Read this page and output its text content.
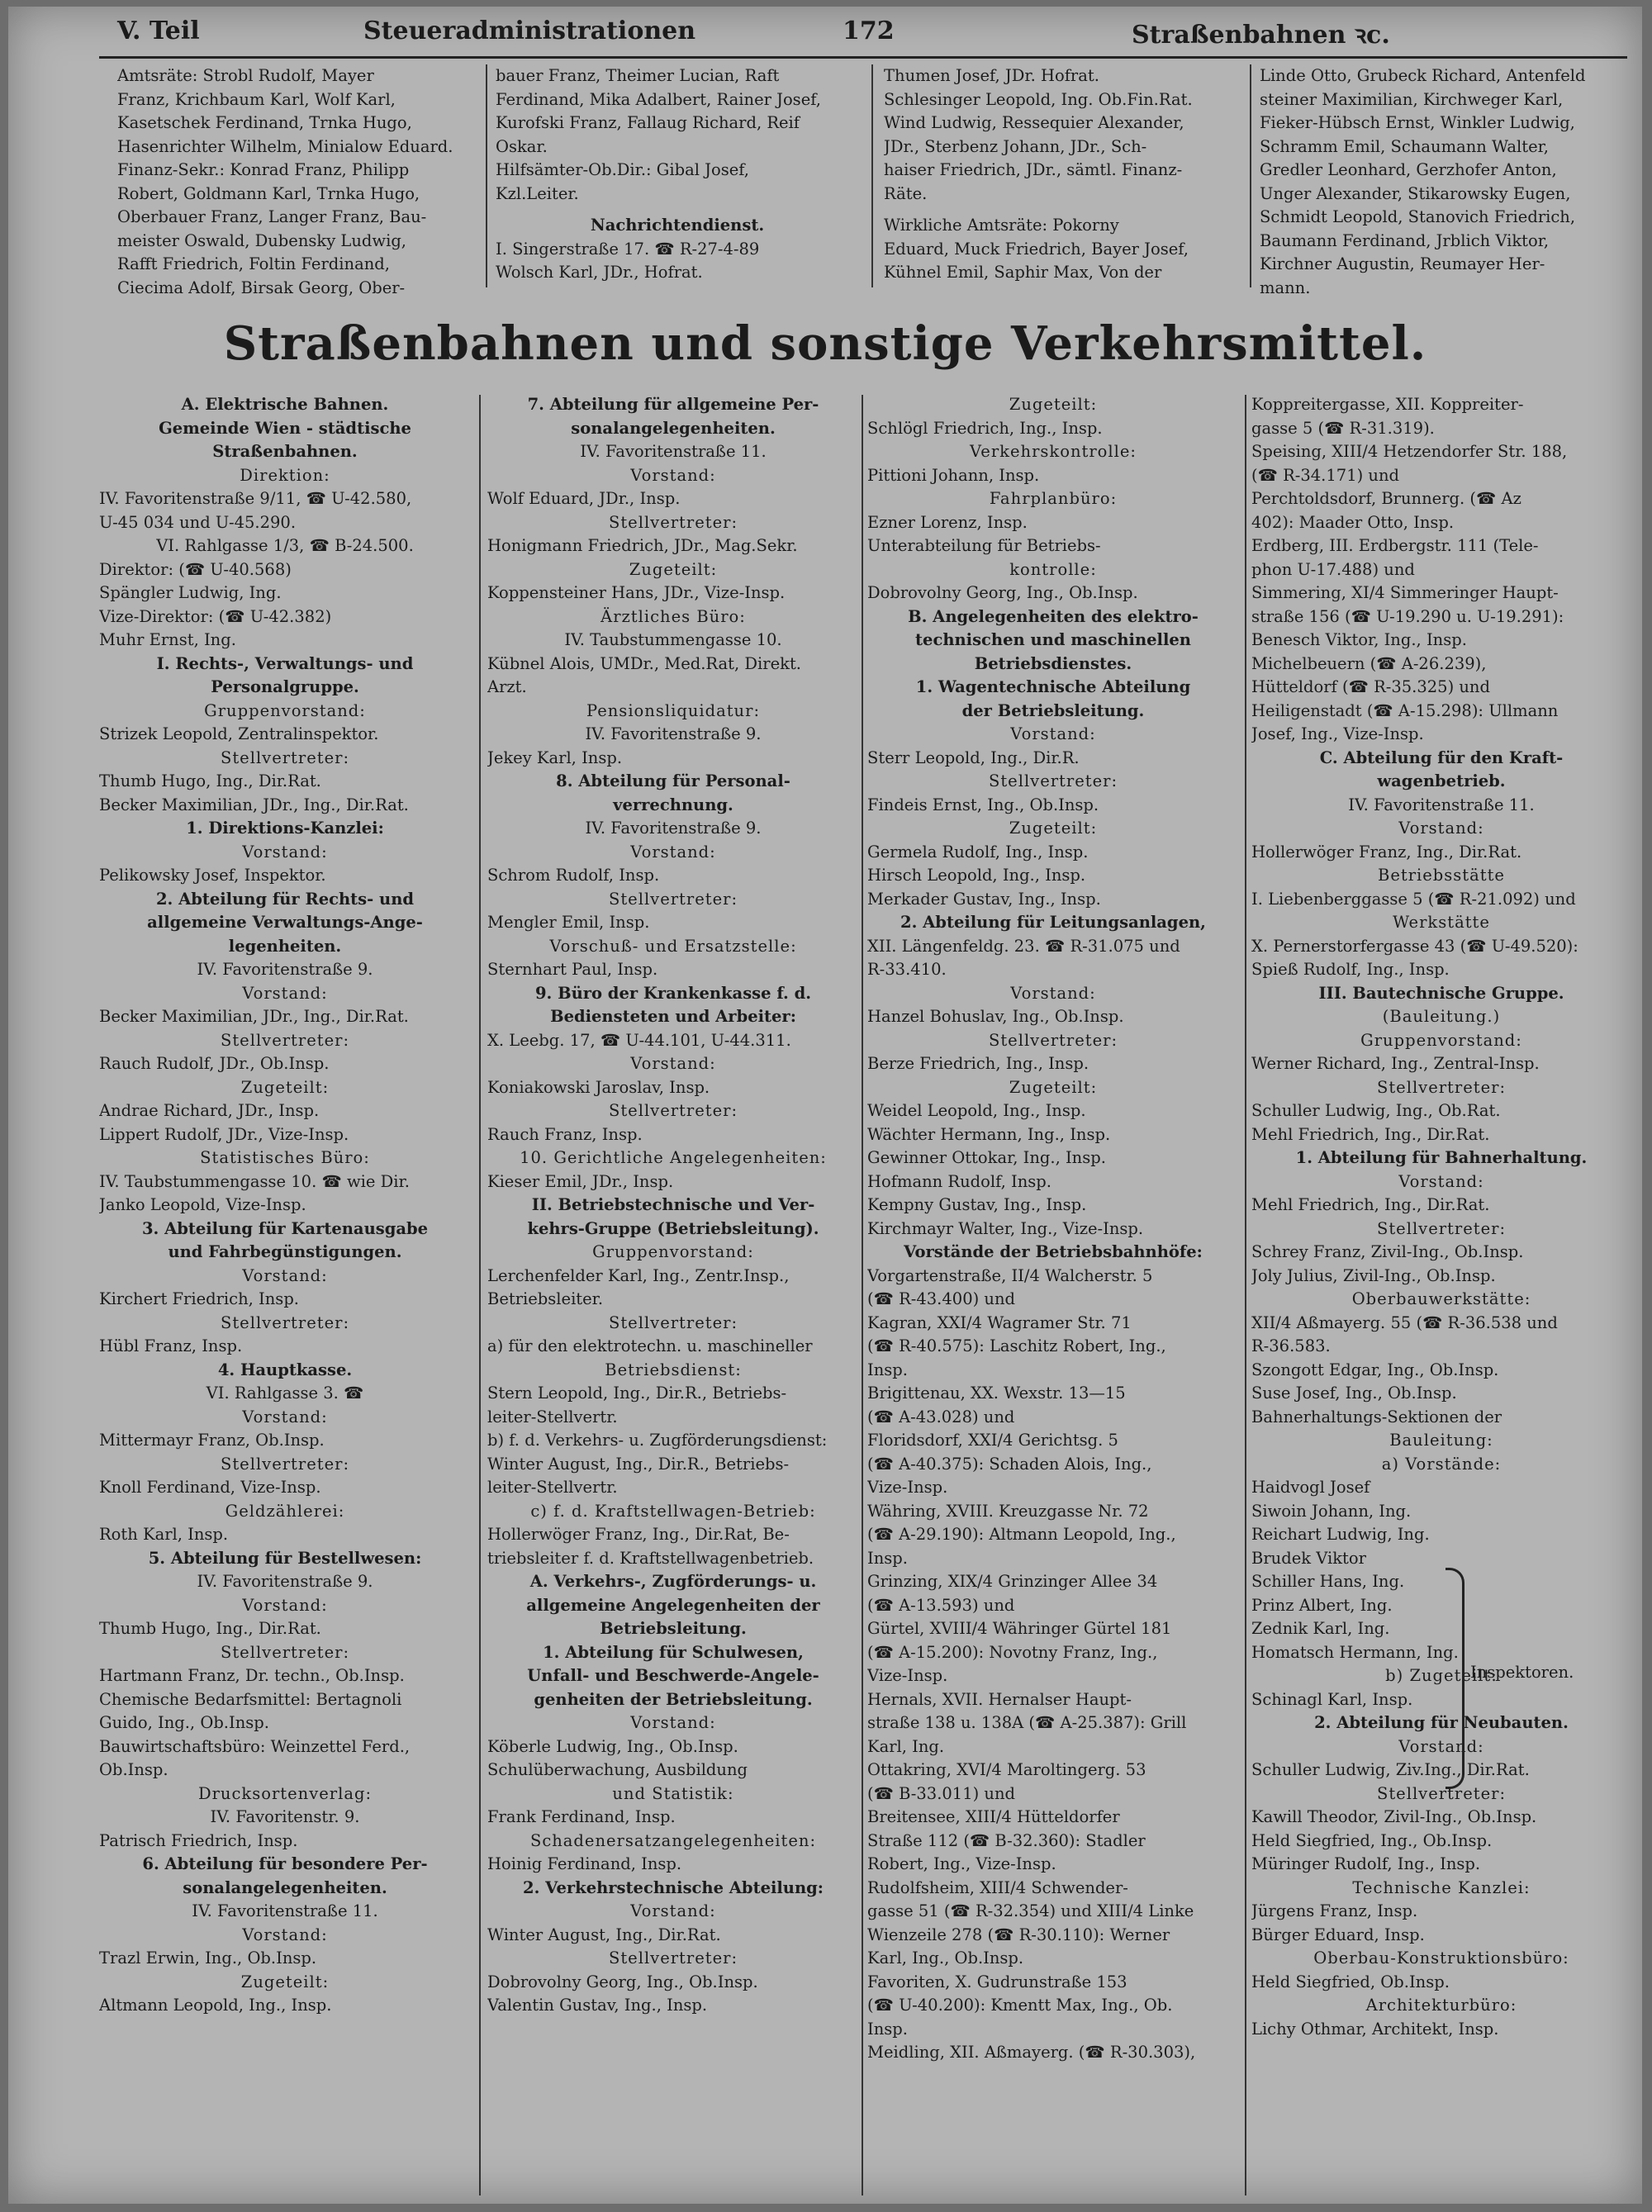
V. Teil	Steueradministrationen	172	Straßenbahnen ꝛc.
Amtsräte: Strobl Rudolf, Mayer
Franz, Krichbaum Karl, Wolf Karl,
Kasetschek Ferdinand, Trnka Hugo,
Hasenrichter Wilhelm, Minialow Eduard.
Finanz-Sekr.: Konrad Franz, Philipp
Robert, Goldmann Karl, Trnka Hugo,
Oberbauer Franz, Langer Franz, Bau-
meister Oswald, Dubensky Ludwig,
Rafft Friedrich, Foltin Ferdinand,
Ciecima Adolf, Birsak Georg, Ober-
bauer Franz, Theimer Lucian, Raft
Ferdinand, Mika Adalbert, Rainer Josef,
Kurofski Franz, Fallaug Richard, Reif
Oskar.
Hilfsämter-Ob.Dir.: Gibal Josef,
Kzl.Leiter.
Nachrichtendienst.
I. Singerstraße 17. ☎ R-27-4-89
Wolsch Karl, JDr., Hofrat.
Thumen Josef, JDr. Hofrat.
Schlesinger Leopold, Ing. Ob.Fin.Rat.
Wind Ludwig, Ressequier Alexander,
JDr., Sterbenz Johann, JDr., Sch-
haiser Friedrich, JDr., sämtl. Finanz-
Räte.
Wirkliche Amtsräte: Pokorny
Eduard, Muck Friedrich, Bayer Josef,
Kühnel Emil, Saphir Max, Von der
Linde Otto, Grubeck Richard, Antenfeld
steiner Maximilian, Kirchweger Karl,
Fieker-Hübsch Ernst, Winkler Ludwig,
Schramm Emil, Schaumann Walter,
Gredler Leonhard, Gerzhofer Anton,
Unger Alexander, Stikarowsky Eugen,
Schmidt Leopold, Stanovich Friedrich,
Baumann Ferdinand, Jrblich Viktor,
Kirchner Augustin, Reumayer Her-
mann.
Straßenbahnen und sonstige Verkehrsmittel.
A. Elektrische Bahnen.
Gemeinde Wien - städtische
Straßenbahnen.
Direktion:
IV. Favoritenstraße 9/11, ☎ U-42.580,
U-45 034 und U-45.290.
VI. Rahlgasse 1/3, ☎ B-24.500.
Direktor: (☎ U-40.568)
Spängler Ludwig, Ing.
Vize-Direktor: (☎ U-42.382)
Muhr Ernst, Ing.
I. Rechts-, Verwaltungs- und
Personalgruppe.
Gruppenvorstand:
Strizek Leopold, Zentralinspektor.
Stellvertreter:
Thumb Hugo, Ing., Dir.Rat.
Becker Maximilian, JDr., Ing., Dir.Rat.
1. Direktions-Kanzlei:
Vorstand:
Pelikowsky Josef, Inspektor.
2. Abteilung für Rechts- und
allgemeine Verwaltungs-Ange-
legenheiten.
IV. Favoritenstraße 9.
Vorstand:
Becker Maximilian, JDr., Ing., Dir.Rat.
Stellvertreter:
Rauch Rudolf, JDr., Ob.Insp.
Zugeteilt:
Andrae Richard, JDr., Insp.
Lippert Rudolf, JDr., Vize-Insp.
Statistisches Büro:
IV. Taubstummengasse 10. ☎ wie Dir.
Janko Leopold, Vize-Insp.
3. Abteilung für Kartenausgabe
und Fahrbegünstigungen.
Vorstand:
Kirchert Friedrich, Insp.
Stellvertreter:
Hübl Franz, Insp.
4. Hauptkasse.
VI. Rahlgasse 3. ☎
Vorstand:
Mittermayr Franz, Ob.Insp.
Stellvertreter:
Knoll Ferdinand, Vize-Insp.
Geldzählerei:
Roth Karl, Insp.
5. Abteilung für Bestellwesen:
IV. Favoritenstraße 9.
Vorstand:
Thumb Hugo, Ing., Dir.Rat.
Stellvertreter:
Hartmann Franz, Dr. techn., Ob.Insp.
Chemische Bedarfsmittel: Bertagnoli
Guido, Ing., Ob.Insp.
Bauwirtschaftsbüro: Weinzettel Ferd.,
Ob.Insp.
Drucksortenverlag:
IV. Favoritenstr. 9.
Patrisch Friedrich, Insp.
6. Abteilung für besondere Per-
sonalangelegenheiten.
IV. Favoritenstraße 11.
Vorstand:
Trazl Erwin, Ing., Ob.Insp.
Zugeteilt:
Altmann Leopold, Ing., Insp.
7. Abteilung für allgemeine Per-
sonalangelegenheiten.
IV. Favoritenstraße 11.
Vorstand:
Wolf Eduard, JDr., Insp.
Stellvertreter:
Honigmann Friedrich, JDr., Mag.Sekr.
Zugeteilt:
Koppensteiner Hans, JDr., Vize-Insp.
Ärztliches Büro:
IV. Taubstummengasse 10.
Kübnel Alois, UMDr., Med.Rat, Direkt.
Arzt.
Pensionsliquidatur:
IV. Favoritenstraße 9.
Jekey Karl, Insp.
8. Abteilung für Personal-
verrechnung.
IV. Favoritenstraße 9.
Vorstand:
Schrom Rudolf, Insp.
Stellvertreter:
Mengler Emil, Insp.
Vorschuß- und Ersatzstelle:
Sternhart Paul, Insp.
9. Büro der Krankenkasse f. d.
Bediensteten und Arbeiter:
X. Leebg. 17, ☎ U-44.101, U-44.311.
Vorstand:
Koniakowski Jaroslav, Insp.
Stellvertreter:
Rauch Franz, Insp.
10. Gerichtliche Angelegenheiten:
Kieser Emil, JDr., Insp.
II. Betriebstechnische und Ver-
kehrs-Gruppe (Betriebsleitung).
Gruppenvorstand:
Lerchenfelder Karl, Ing., Zentr.Insp.,
Betriebsleiter.
Stellvertreter:
a) für den elektrotechn. u. maschineller
Betriebsdienst:
Stern Leopold, Ing., Dir.R., Betriebs-
leiter-Stellvertr.
b) f. d. Verkehrs- u. Zugförderungsdienst:
Winter August, Ing., Dir.R., Betriebs-
leiter-Stellvertr.
c) f. d. Kraftstellwagen-Betrieb:
Hollerwöger Franz, Ing., Dir.Rat, Be-
triebsleiter f. d. Kraftstellwagenbetrieb.
A. Verkehrs-, Zugförderungs- u.
allgemeine Angelegenheiten der
Betriebsleitung.
1. Abteilung für Schulwesen,
Unfall- und Beschwerde-Angele-
genheiten der Betriebsleitung.
Vorstand:
Köberle Ludwig, Ing., Ob.Insp.
Schulüberwachung, Ausbildung
und Statistik:
Frank Ferdinand, Insp.
Schadenersatzangelegenheiten:
Hoinig Ferdinand, Insp.
2. Verkehrstechnische Abteilung:
Vorstand:
Winter August, Ing., Dir.Rat.
Stellvertreter:
Dobrovolny Georg, Ing., Ob.Insp.
Valentin Gustav, Ing., Insp.
Zugeteilt:
Schlögl Friedrich, Ing., Insp.
Verkehrskontrolle:
Pittioni Johann, Insp.
Fahrplanbüro:
Ezner Lorenz, Insp.
Unterabteilung für Betriebs-
kontrolle:
Dobrovolny Georg, Ing., Ob.Insp.
B. Angelegenheiten des elektro-
technischen und maschinellen
Betriebsdienstes.
1. Wagentechnische Abteilung
der Betriebsleitung.
Vorstand:
Sterr Leopold, Ing., Dir.R.
Stellvertreter:
Findeis Ernst, Ing., Ob.Insp.
Zugeteilt:
Germela Rudolf, Ing., Insp.
Hirsch Leopold, Ing., Insp.
Merkader Gustav, Ing., Insp.
2. Abteilung für Leitungsanlagen,
XII. Längenfeldg. 23. ☎ R-31.075 und
R-33.410.
Vorstand:
Hanzel Bohuslav, Ing., Ob.Insp.
Stellvertreter:
Berze Friedrich, Ing., Insp.
Zugeteilt:
Weidel Leopold, Ing., Insp.
Wächter Hermann, Ing., Insp.
Gewinner Ottokar, Ing., Insp.
Hofmann Rudolf, Insp.
Kempny Gustav, Ing., Insp.
Kirchmayr Walter, Ing., Vize-Insp.
Vorstände der Betriebsbahnhöfe:
Vorgartenstraße, II/4 Walcherstr. 5
(☎ R-43.400) und
Kagran, XXI/4 Wagramer Str. 71
(☎ R-40.575): Laschitz Robert, Ing.,
Insp.
Brigittenau, XX. Wexstr. 13—15
(☎ A-43.028) und
Floridsdorf, XXI/4 Gerichtsg. 5
(☎ A-40.375): Schaden Alois, Ing.,
Vize-Insp.
Währing, XVIII. Kreuzgasse Nr. 72
(☎ A-29.190): Altmann Leopold, Ing.,
Insp.
Grinzing, XIX/4 Grinzinger Allee 34
(☎ A-13.593) und
Gürtel, XVIII/4 Währinger Gürtel 181
(☎ A-15.200): Novotny Franz, Ing.,
Vize-Insp.
Hernals, XVII. Hernalser Haupt-
straße 138 u. 138A (☎ A-25.387): Grill
Karl, Ing.
Ottakring, XVI/4 Maroltingerg. 53
(☎ B-33.011) und
Breitensee, XIII/4 Hütteldorfer
Straße 112 (☎ B-32.360): Stadler
Robert, Ing., Vize-Insp.
Rudolfsheim, XIII/4 Schwender-
gasse 51 (☎ R-32.354) und XIII/4 Linke
Wienzeile 278 (☎ R-30.110): Werner
Karl, Ing., Ob.Insp.
Favoriten, X. Gudrunstraße 153
(☎ U-40.200): Kmentt Max, Ing., Ob.
Insp.
Meidling, XII. Aßmayerg. (☎ R-30.303),
Koppreitergasse, XII. Koppreiter-
gasse 5 (☎ R-31.319).
Speising, XIII/4 Hetzendorfer Str. 188,
(☎ R-34.171) und
Perchtoldsdorf, Brunnerg. (☎ Az
402): Maader Otto, Insp.
Erdberg, III. Erdbergstr. 111 (Tele-
phon U-17.488) und
Simmering, XI/4 Simmeringer Haupt-
straße 156 (☎ U-19.290 u. U-19.291):
Benesch Viktor, Ing., Insp.
Michelbeuern (☎ A-26.239),
Hütteldorf (☎ R-35.325) und
Heiligenstadt (☎ A-15.298): Ullmann
Josef, Ing., Vize-Insp.
C. Abteilung für den Kraft-
wagenbetrieb.
IV. Favoritenstraße 11.
Vorstand:
Hollerwöger Franz, Ing., Dir.Rat.
Betriebsstätte
I. Liebenberggasse 5 (☎ R-21.092) und
Werkstätte
X. Pernerstorfergasse 43 (☎ U-49.520):
Spieß Rudolf, Ing., Insp.
III. Bautechnische Gruppe.
(Bauleitung.)
Gruppenvorstand:
Werner Richard, Ing., Zentral-Insp.
Stellvertreter:
Schuller Ludwig, Ing., Ob.Rat.
Mehl Friedrich, Ing., Dir.Rat.
1. Abteilung für Bahnerhaltung.
Vorstand:
Mehl Friedrich, Ing., Dir.Rat.
Stellvertreter:
Schrey Franz, Zivil-Ing., Ob.Insp.
Joly Julius, Zivil-Ing., Ob.Insp.
Oberbauwerkstätte:
XII/4 Aßmayerg. 55 (☎ R-36.538 und
R-36.583.
Szongott Edgar, Ing., Ob.Insp.
Suse Josef, Ing., Ob.Insp.
Bahnerhaltungs-Sektionen der
Bauleitung:
a) Vorstände:
Haidvogl Josef
Siwoin Johann, Ing.
Reichart Ludwig, Ing.
Brudek Viktor
Schiller Hans, Ing.
Prinz Albert, Ing.
Zednik Karl, Ing.
Homatsch Hermann, Ing.
b) Zugeteilt:
Schinagl Karl, Insp.
2. Abteilung für Neubauten.
Vorstand:
Schuller Ludwig, Ziv.Ing., Dir.Rat.
Stellvertreter:
Kawill Theodor, Zivil-Ing., Ob.Insp.
Held Siegfried, Ing., Ob.Insp.
Müringer Rudolf, Ing., Insp.
Technische Kanzlei:
Jürgens Franz, Insp.
Bürger Eduard, Insp.
Oberbau-Konstruktionsbüro:
Held Siegfried, Ob.Insp.
Architekturbüro:
Lichy Othmar, Architekt, Insp.
Inspektoren.
